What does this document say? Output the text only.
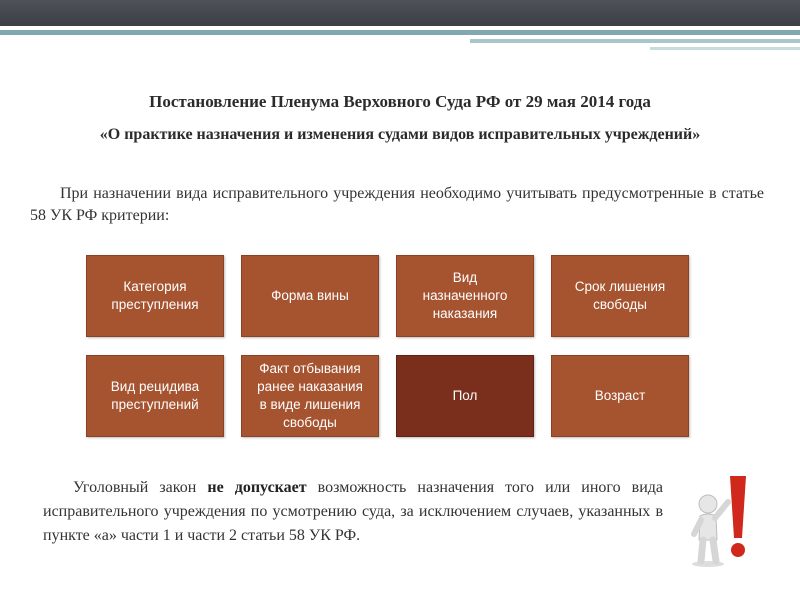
Постановление Пленума Верховного Суда РФ от 29 мая 2014 года
«О практике назначения и изменения судами видов исправительных учреждений»
При назначении вида исправительного учреждения необходимо учитывать предусмотренные в статье 58 УК РФ критерии:
Категория
преступления
Форма вины
Вид
назначенного
наказания
Срок лишения
свободы
Вид рецидива
преступлений
Факт отбывания
ранее наказания
в виде лишения
свободы
Пол	Возраст
Уголовный закон не допускает возможность назначения того или иного вида исправительного учреждения по усмотрению суда, за исключением случаев, указанных в пункте «а» части 1 и части 2 статьи 58 УК РФ.
